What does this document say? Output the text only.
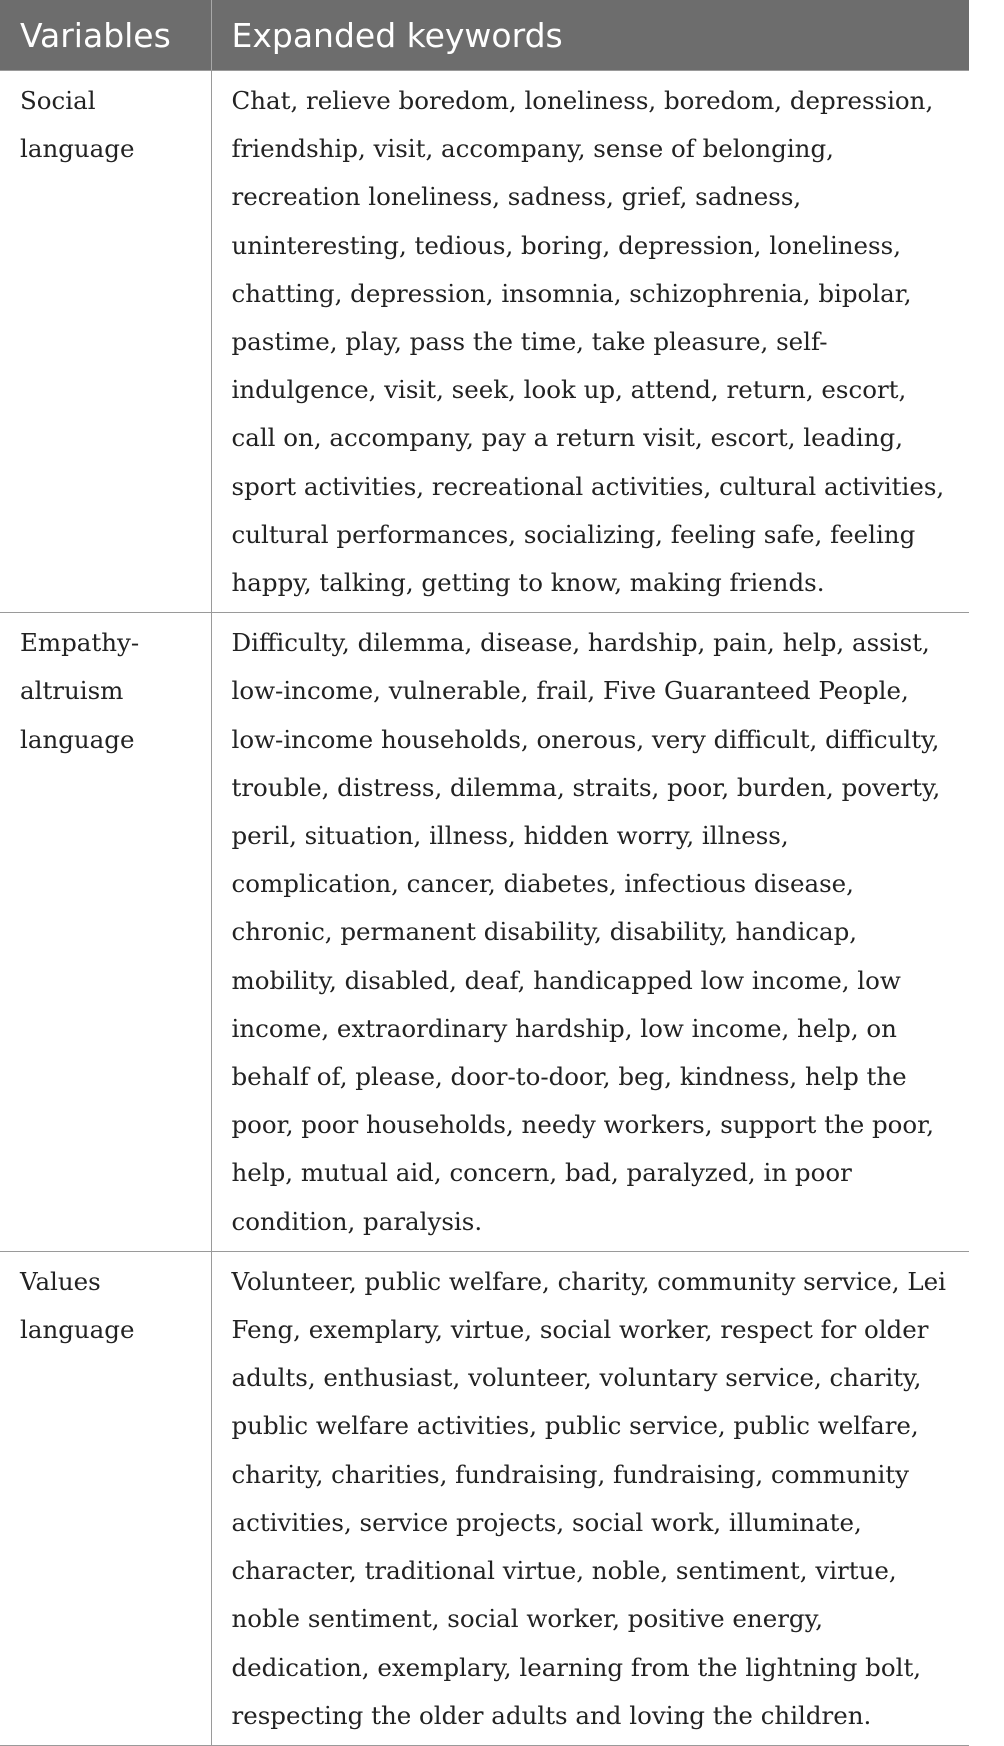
Variables	Expanded keywords
Social language	Chat, relieve boredom, loneliness, boredom, depression, friendship, visit, accompany, sense of belonging, recreation loneliness, sadness, grief, sadness, uninteresting, tedious, boring, depression, loneliness, chatting, depression, insomnia, schizophrenia, bipolar, pastime, play, pass the time, take pleasure, self-indulgence, visit, seek, look up, attend, return, escort, call on, accompany, pay a return visit, escort, leading, sport activities, recreational activities, cultural activities, cultural performances, socializing, feeling safe, feeling happy, talking, getting to know, making friends.
Empathy-altruism language	Difficulty, dilemma, disease, hardship, pain, help, assist, low-income, vulnerable, frail, Five Guaranteed People, low-income households, onerous, very difficult, difficulty, trouble, distress, dilemma, straits, poor, burden, poverty, peril, situation, illness, hidden worry, illness, complication, cancer, diabetes, infectious disease, chronic, permanent disability, disability, handicap, mobility, disabled, deaf, handicapped low income, low income, extraordinary hardship, low income, help, on behalf of, please, door-to-door, beg, kindness, help the poor, poor households, needy workers, support the poor, help, mutual aid, concern, bad, paralyzed, in poor condition, paralysis.
Values language	Volunteer, public welfare, charity, community service, Lei Feng, exemplary, virtue, social worker, respect for older adults, enthusiast, volunteer, voluntary service, charity, public welfare activities, public service, public welfare, charity, charities, fundraising, fundraising, community activities, service projects, social work, illuminate, character, traditional virtue, noble, sentiment, virtue, noble sentiment, social worker, positive energy, dedication, exemplary, learning from the lightning bolt, respecting the older adults and loving the children.
